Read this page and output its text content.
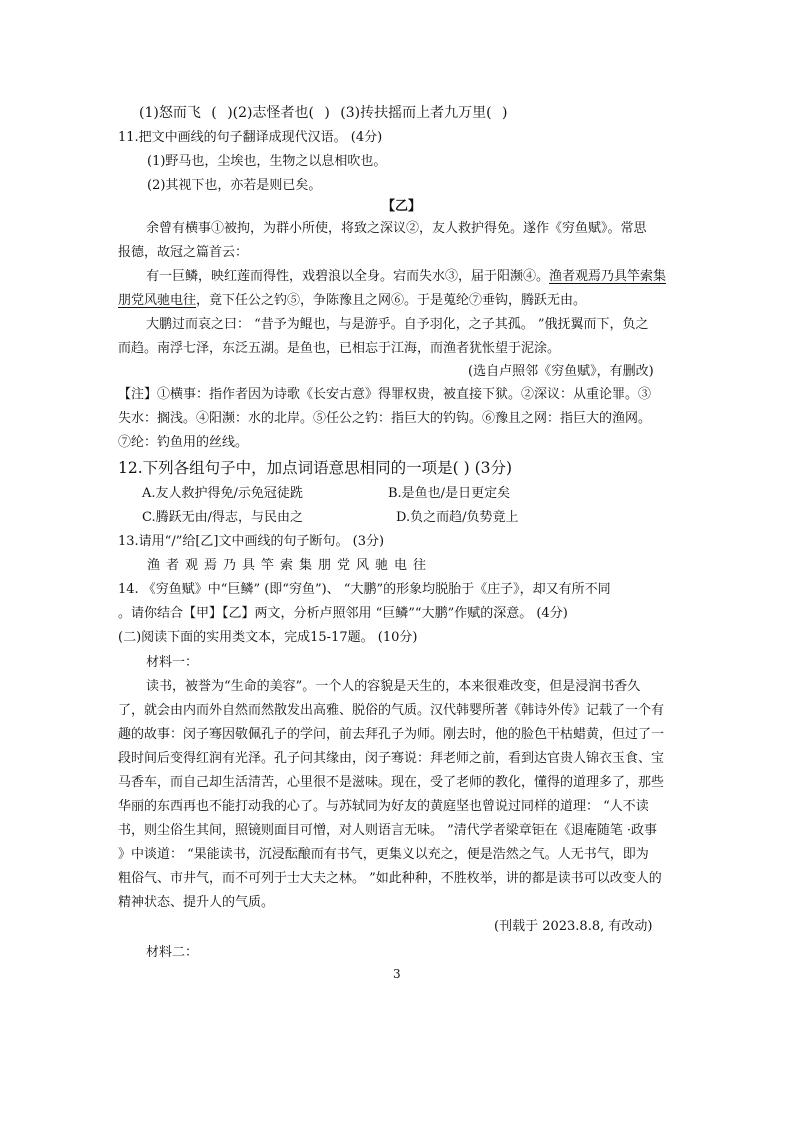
(1)怒而飞 ( )(2)志怪者也( ) (3)抟扶摇而上者九万里( )
11.把文中画线的句子翻译成现代汉语。 (4分)
(1)野马也，尘埃也，生物之以息相吹也。
(2)其视下也，亦若是则已矣。
【乙】
余曾有横事①被拘，为群小所使，将致之深议②，友人救护得免。遂作《穷鱼赋》。常思
报德，故冠之篇首云：
有一巨鳞，映红莲而得性，戏碧浪以全身。宕而失水③，届于阳濒④。渔者观焉乃具竿索集
朋党风驰电往，竟下任公之钓⑤，争陈豫且之网⑥。于是蒐纶⑦垂钩，腾跃无由。
大鹏过而哀之曰： “昔予为鲲也，与是游乎。自予羽化，之子其孤。 ”俄抚翼而下，负之
而趋。南浮七泽，东泛五湖。是鱼也，已相忘于江海，而渔者犹怅望于泥涂。
(选自卢照邻《穷鱼赋》，有删改)
【注】①横事：指作者因为诗歌《长安古意》得罪权贵，被直接下狱。②深议：从重论罪。③
失水：搁浅。④阳濒：水的北岸。⑤任公之钓：指巨大的钓钩。⑥豫且之网：指巨大的渔网。
⑦纶：钓鱼用的丝线。
12.下列各组句子中，加点词语意思相同的一项是( ) (3分)
A.友人救护得免/示免冠徒跣	B.是鱼也/是日更定矣
C.腾跃无由/得志，与民由之	D.负之而趋/负势竟上
13.请用“/”给[乙]文中画线的句子断句。 (3分)
渔者观焉乃具竿索集朋党风驰电往
14. 《穷鱼赋》中“巨鳞” (即“穷鱼”)、 “大鹏”的形象均脱胎于《庄子》，却又有所不同
。请你结合【甲】【乙】两文，分析卢照邻用 “巨鳞”“大鹏”作赋的深意。 (4分)
(二)阅读下面的实用类文本，完成15-17题。 (10分)
材料一：
读书，被誉为“生命的美容”。一个人的容貌是天生的，本来很难改变，但是浸润书香久
了，就会由内而外自然而然散发出高雅、脱俗的气质。汉代韩婴所著《韩诗外传》记载了一个有
趣的故事：闵子骞因敬佩孔子的学问，前去拜孔子为师。刚去时，他的脸色干枯蜡黄，但过了一
段时间后变得红润有光泽。孔子问其缘由，闵子骞说：拜老师之前，看到达官贵人锦衣玉食、宝
马香车，而自己却生活清苦，心里很不是滋味。现在，受了老师的教化，懂得的道理多了，那些
华丽的东西再也不能打动我的心了。与苏轼同为好友的黄庭坚也曾说过同样的道理： “人不读
书，则尘俗生其间，照镜则面目可憎，对人则语言无味。 ”清代学者梁章钜在《退庵随笔 ·政事
》中谈道： “果能读书，沉浸酝酿而有书气，更集义以充之，便是浩然之气。人无书气，即为
粗俗气、市井气，而不可列于士大夫之林。 ”如此种种，不胜枚举，讲的都是读书可以改变人的
精神状态、提升人的气质。
(刊载于 2023.8.8, 有改动)
材料二：
3
